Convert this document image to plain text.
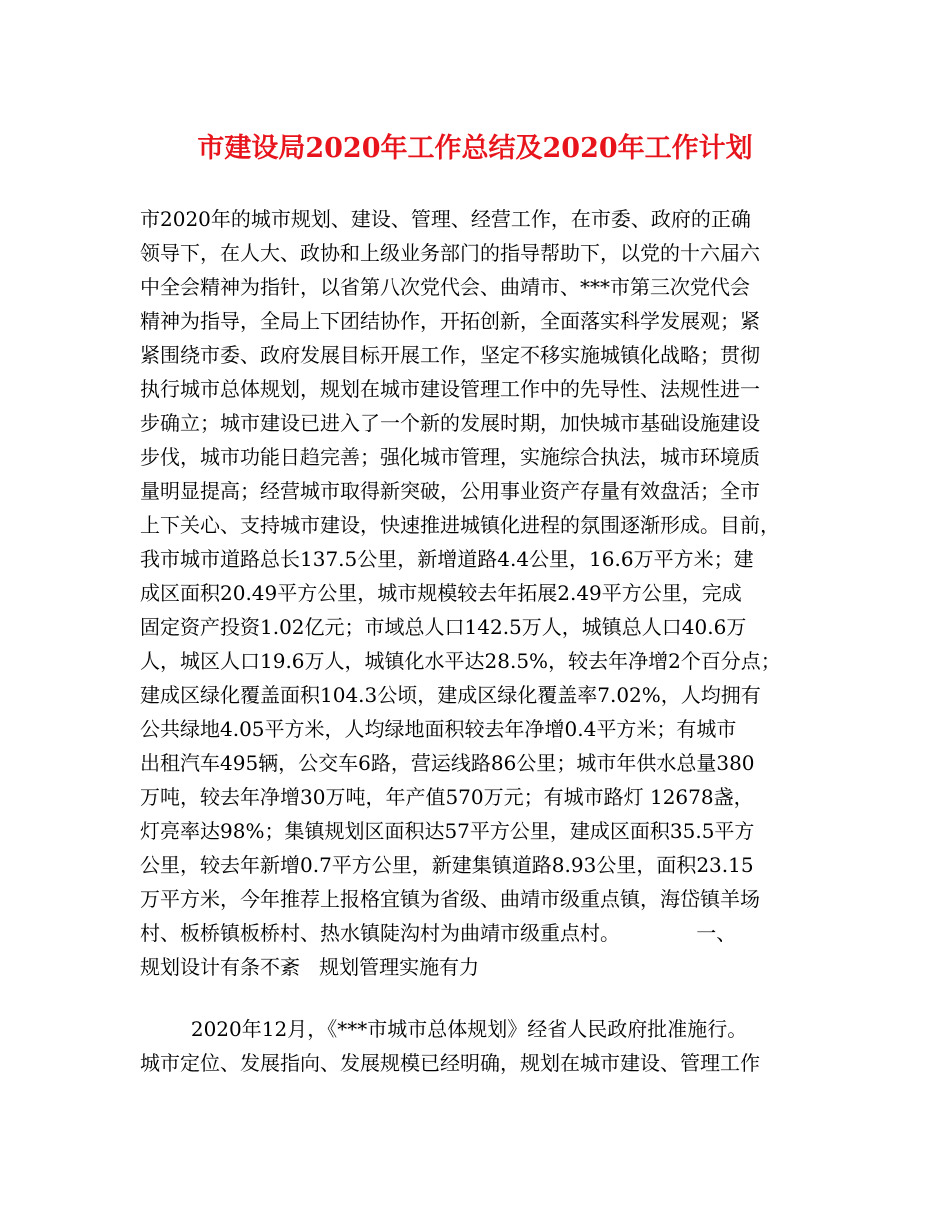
市建设局2020年工作总结及2020年工作计划
市2020年的城市规划、建设、管理、经营工作，在市委、政府的正确
领导下，在人大、政协和上级业务部门的指导帮助下，以党的十六届六
中全会精神为指针，以省第八次党代会、曲靖市、***市第三次党代会
精神为指导，全局上下团结协作，开拓创新，全面落实科学发展观；紧
紧围绕市委、政府发展目标开展工作，坚定不移实施城镇化战略；贯彻
执行城市总体规划，规划在城市建设管理工作中的先导性、法规性进一
步确立；城市建设已进入了一个新的发展时期，加快城市基础设施建设
步伐，城市功能日趋完善；强化城市管理，实施综合执法，城市环境质
量明显提高；经营城市取得新突破，公用事业资产存量有效盘活；全市
上下关心、支持城市建设，快速推进城镇化进程的氛围逐渐形成。目前，
我市城市道路总长137.5公里，新增道路4.4公里，16.6万平方米；建
成区面积20.49平方公里，城市规模较去年拓展2.49平方公里，完成
固定资产投资1.02亿元；市域总人口142.5万人，城镇总人口40.6万
人，城区人口19.6万人，城镇化水平达28.5%，较去年净增2个百分点；
建成区绿化覆盖面积104.3公顷，建成区绿化覆盖率7.02%，人均拥有
公共绿地4.05平方米，人均绿地面积较去年净增0.4平方米；有城市
出租汽车495辆，公交车6路，营运线路86公里；城市年供水总量380
万吨，较去年净增30万吨，年产值570万元；有城市路灯 12678盏，
灯亮率达98%；集镇规划区面积达57平方公里，建成区面积35.5平方
公里，较去年新增0.7平方公里，新建集镇道路8.93公里，面积23.15
万平方米，今年推荐上报格宜镇为省级、曲靖市级重点镇，海岱镇羊场
村、板桥镇板桥村、热水镇陡沟村为曲靖市级重点村。            一、
规划设计有条不紊   规划管理实施有力
2020年12月，《***市城市总体规划》经省人民政府批准施行。
城市定位、发展指向、发展规模已经明确，规划在城市建设、管理工作
